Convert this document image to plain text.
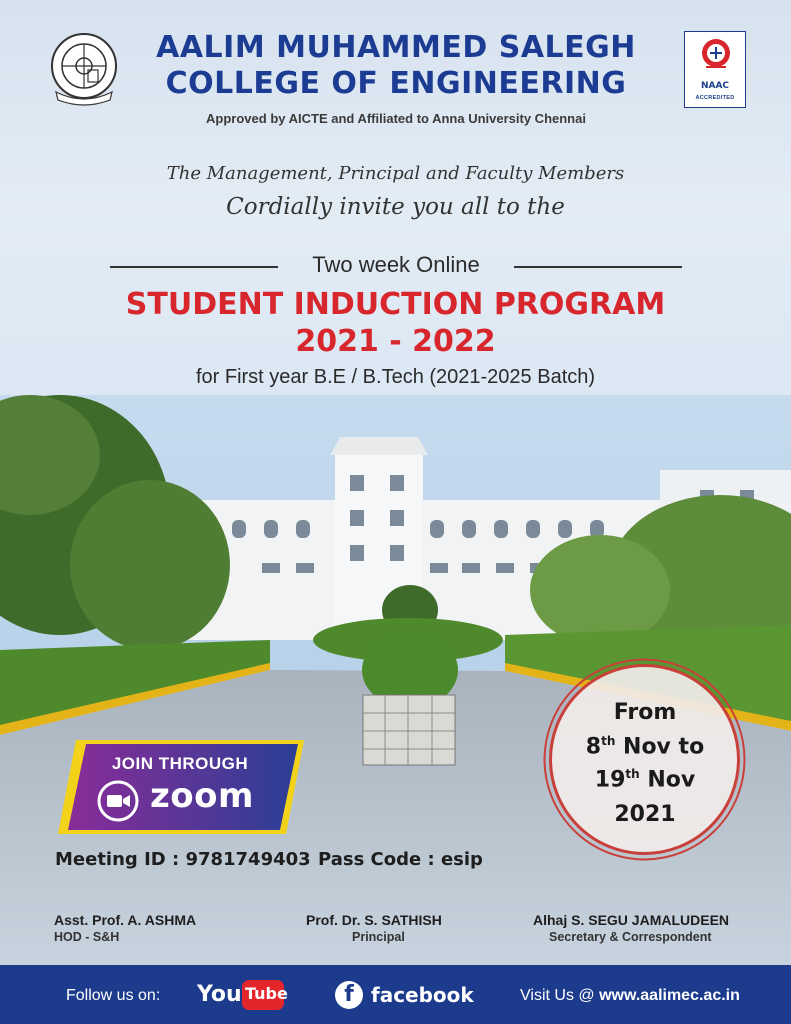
AALIM MUHAMMED SALEGH
COLLEGE OF ENGINEERING
Approved by AICTE and Affiliated to Anna University Chennai
NAAC
ACCREDITED
The Management, Principal and Faculty Members
Cordially invite you all to the
Two week Online
STUDENT INDUCTION PROGRAM
2021 - 2022
for First year B.E / B.Tech (2021-2025 Batch)
JOIN THROUGH
zoom
From
8th Nov to
19th Nov
2021
Meeting ID : 9781749403 Pass Code : esip
Asst. Prof. A. ASHMA
HOD - S&H
Prof. Dr. S. SATHISH
Principal
Alhaj S. SEGU JAMALUDEEN
Secretary & Correspondent
Follow us on: You Tube	f facebook	Visit Us @ www.aalimec.ac.in
